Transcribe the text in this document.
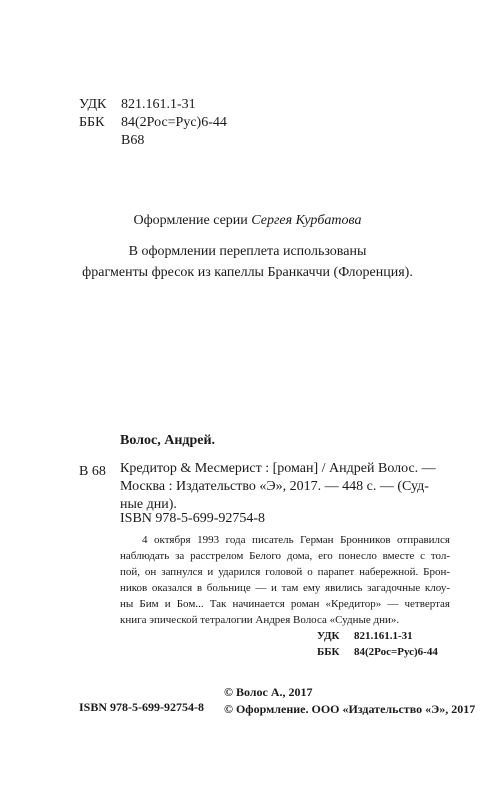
УДК	821.161.1-31
ББК	84(2Рос=Рус)6-44
В68
Оформление серии Сергея Курбатова
В оформлении переплета использованы
фрагменты фресок из капеллы Бранкаччи (Флоренция).
Волос, Андрей.
В 68 Кредитор & Месмерист : [роман] / Андрей Волос. —
Москва : Издательство «Э», 2017. — 448 с. — (Суд-
ные дни).
ISBN 978-5-699-92754-8
4 октября 1993 года писатель Герман Бронников отправился
наблюдать за расстрелом Белого дома, его понесло вместе с тол-
пой, он запнулся и ударился головой о парапет набережной. Брон-
ников оказался в больнице — и там ему явились загадочные клоу-
ны Бим и Бом... Так начинается роман «Кредитор» — четвертая
книга эпической тетралогии Андрея Волоса «Судные дни».
УДК	821.161.1-31
ББК	84(2Рос=Рус)6-44
ISBN 978-5-699-92754-8
© Волос А., 2017
© Оформление. ООО «Издательство «Э», 2017
